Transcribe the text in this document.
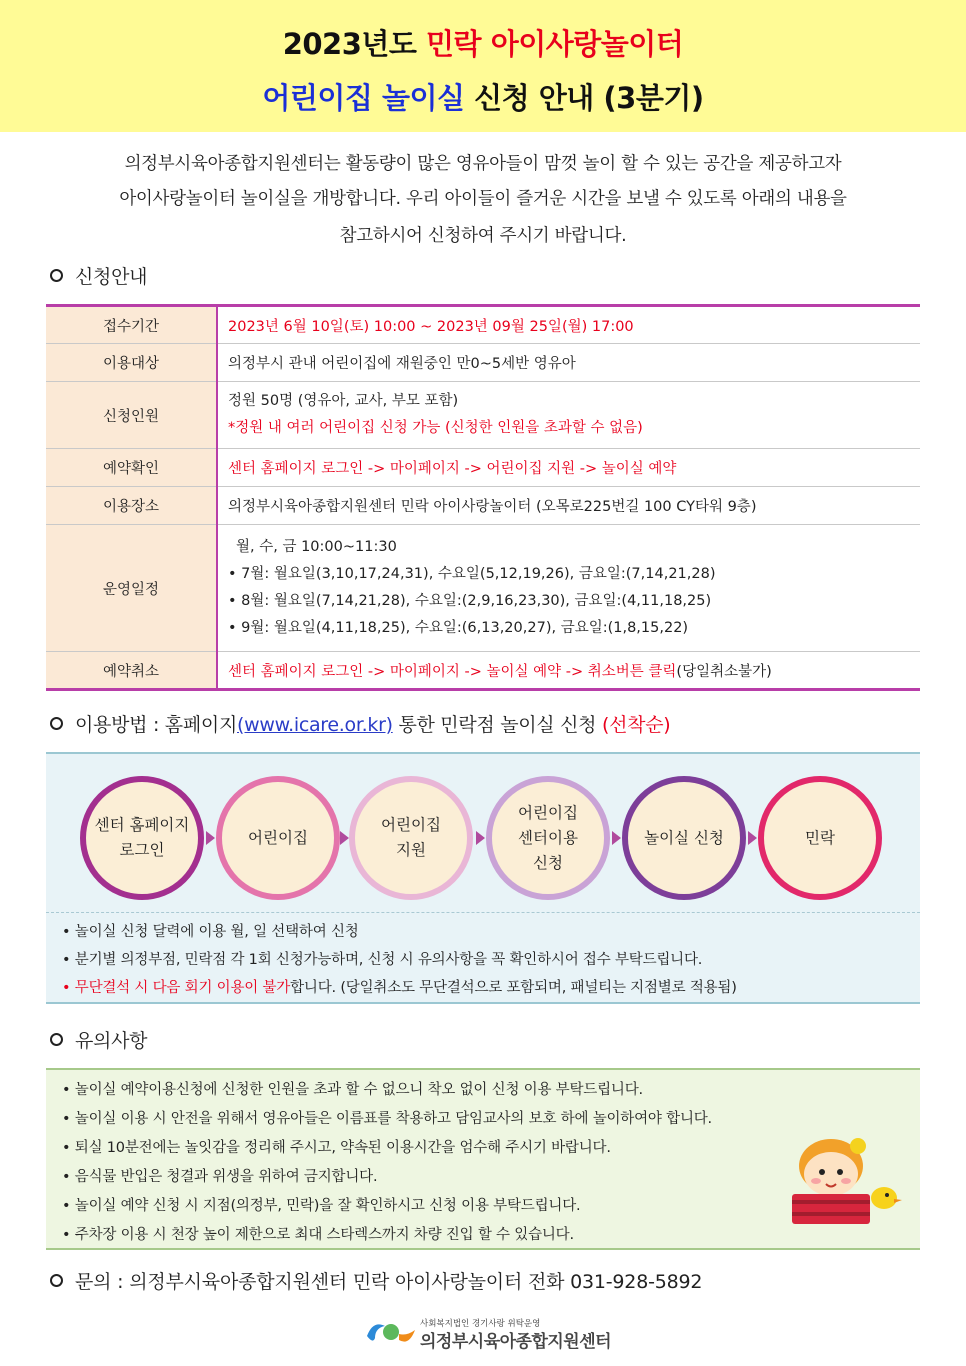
2023년도 민락 아이사랑놀이터
어린이집 놀이실 신청 안내 (3분기)
의정부시육아종합지원센터는 활동량이 많은 영유아들이 맘껏 놀이 할 수 있는 공간을 제공하고자
아이사랑놀이터 놀이실을 개방합니다. 우리 아이들이 즐거운 시간을 보낼 수 있도록 아래의 내용을
참고하시어 신청하여 주시기 바랍니다.
신청안내
접수기간	2023년 6월 10일(토) 10:00 ~ 2023년 09월 25일(월) 17:00
이용대상	의정부시 관내 어린이집에 재원중인 만0~5세반 영유아
신청인원	정원 50명 (영유아, 교사, 부모 포함)
*정원 내 여러 어린이집 신청 가능 (신청한 인원을 초과할 수 없음)

예약확인	센터 홈페이지 로그인 -> 마이페이지 -> 어린이집 지원 -> 놀이실 예약
이용장소	의정부시육아종합지원센터 민락 아이사랑놀이터 (오목로225번길 100 CY타워 9층)
운영일정	월, 수, 금 10:00~11:30
• 7월: 월요일(3,10,17,24,31), 수요일(5,12,19,26), 금요일:(7,14,21,28)
• 8월: 월요일(7,14,21,28), 수요일:(2,9,16,23,30), 금요일:(4,11,18,25)
• 9월: 월요일(4,11,18,25), 수요일:(6,13,20,27), 금요일:(1,8,15,22)

예약취소	센터 홈페이지 로그인 -> 마이페이지 -> 놀이실 예약 -> 취소버튼 클릭(당일취소불가)
이용방법 : 홈페이지(www.icare.or.kr) 통한 민락점 놀이실 신청 (선착순)
센터 홈페이지
로그인
어린이집
어린이집
지원
어린이집
센터이용
신청
놀이실 신청	민락
• 놀이실 신청 달력에 이용 월, 일 선택하여 신청
• 분기별 의정부점, 민락점 각 1회 신청가능하며, 신청 시 유의사항을 꼭 확인하시어 접수 부탁드립니다.
• 무단결석 시 다음 회기 이용이 불가합니다. (당일취소도 무단결석으로 포함되며, 패널티는 지점별로 적용됨)
유의사항
• 놀이실 예약이용신청에 신청한 인원을 초과 할 수 없으니 착오 없이 신청 이용 부탁드립니다.
• 놀이실 이용 시 안전을 위해서 영유아들은 이름표를 착용하고 담임교사의 보호 하에 놀이하여야 합니다.
• 퇴실 10분전에는 놀잇감을 정리해 주시고, 약속된 이용시간을 엄수해 주시기 바랍니다.
• 음식물 반입은 청결과 위생을 위하여 금지합니다.
• 놀이실 예약 신청 시 지점(의정부, 민락)을 잘 확인하시고 신청 이용 부탁드립니다.
• 주차장 이용 시 천장 높이 제한으로 최대 스타렉스까지 차량 진입 할 수 있습니다.
문의 : 의정부시육아종합지원센터 민락 아이사랑놀이터 전화 031-928-5892
사회복지법인 경기사랑 위탁운영
의정부시육아종합지원센터
